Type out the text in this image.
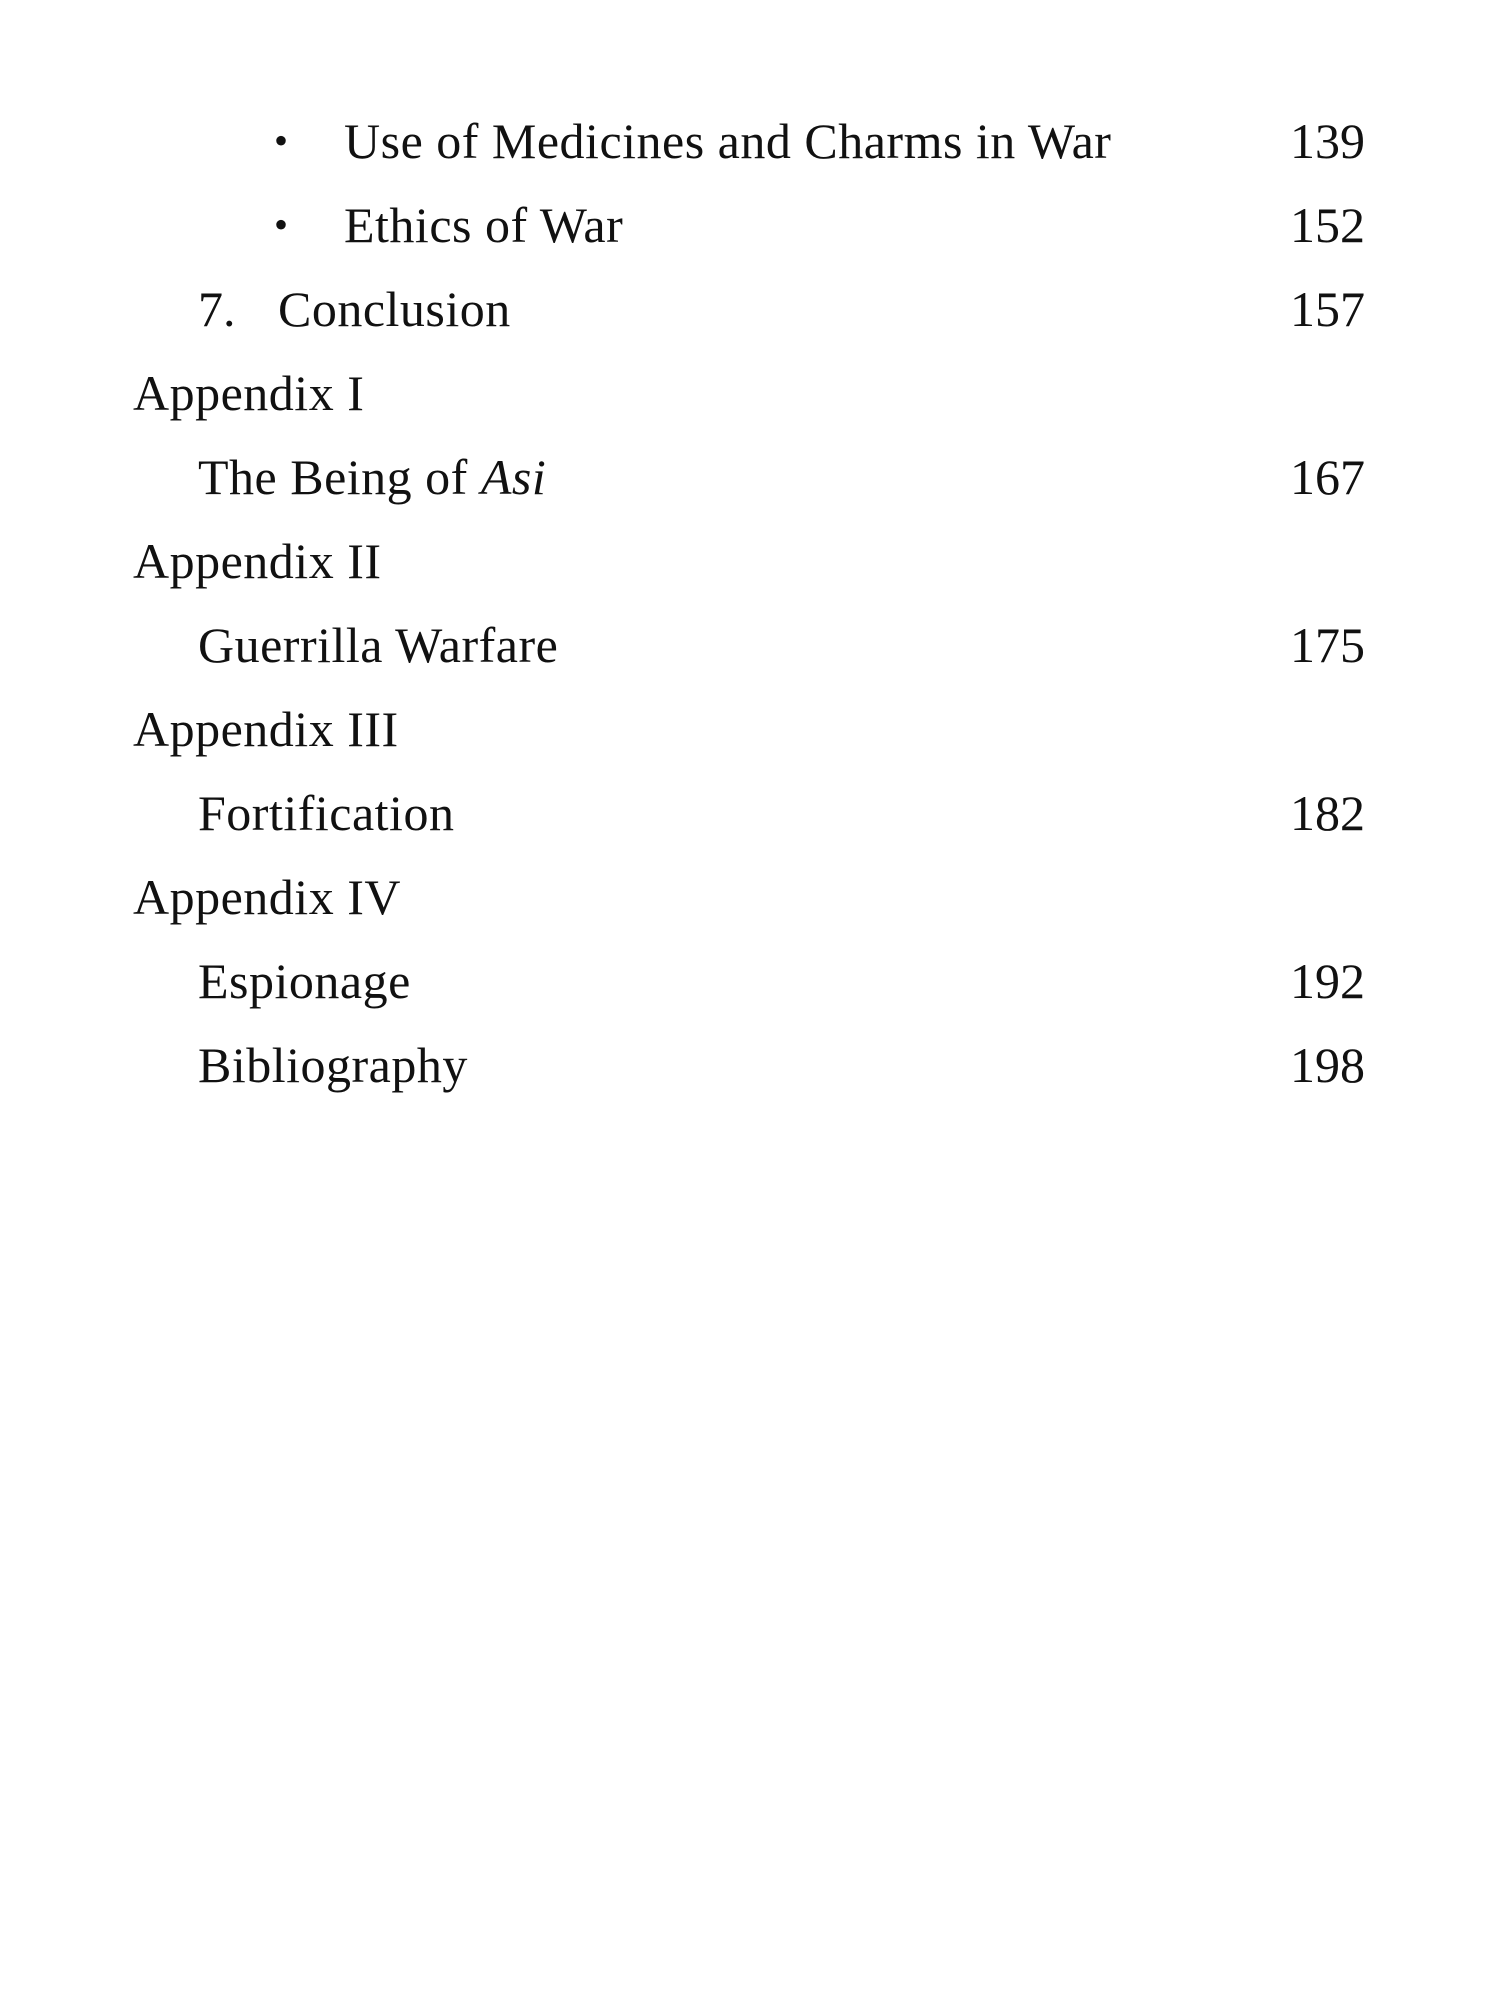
• Use of Medicines and Charms in War	139
• Ethics of War	152
7. Conclusion	157
Appendix I
The Being of Asi	167
Appendix II
Guerrilla Warfare	175
Appendix III
Fortification	182
Appendix IV
Espionage	192
Bibliography	198
